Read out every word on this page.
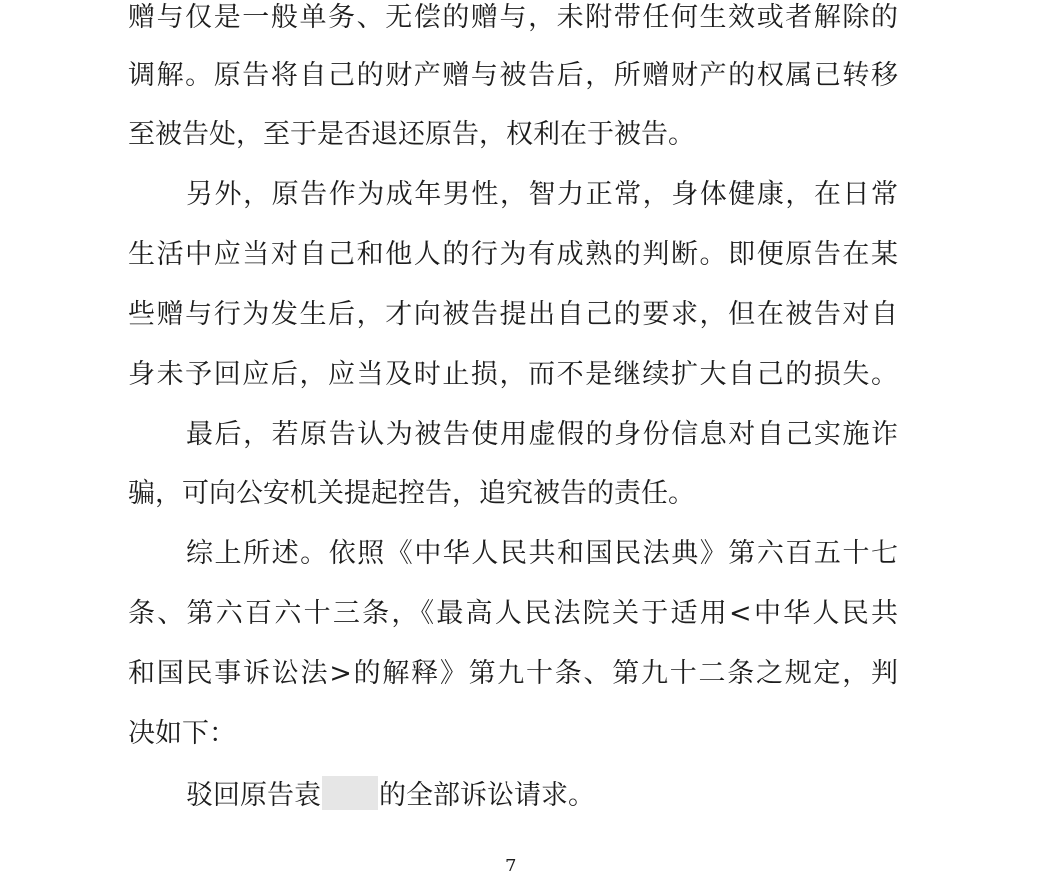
赠与仅是一般单务、无偿的赠与，未附带任何生效或者解除的
调解。原告将自己的财产赠与被告后，所赠财产的权属已转移
至被告处，至于是否退还原告，权利在于被告。
另外，原告作为成年男性，智力正常，身体健康，在日常
生活中应当对自己和他人的行为有成熟的判断。即便原告在某
些赠与行为发生后，才向被告提出自己的要求，但在被告对自
身未予回应后，应当及时止损，而不是继续扩大自己的损失。
最后，若原告认为被告使用虚假的身份信息对自己实施诈
骗，可向公安机关提起控告，追究被告的责任。
综上所述。依照《中华人民共和国民法典》第六百五十七
条、第六百六十三条，《最高人民法院关于适用<中华人民共
和国民事诉讼法>的解释》第九十条、第九十二条之规定，判
决如下：
驳回原告袁 的全部诉讼请求。
7
